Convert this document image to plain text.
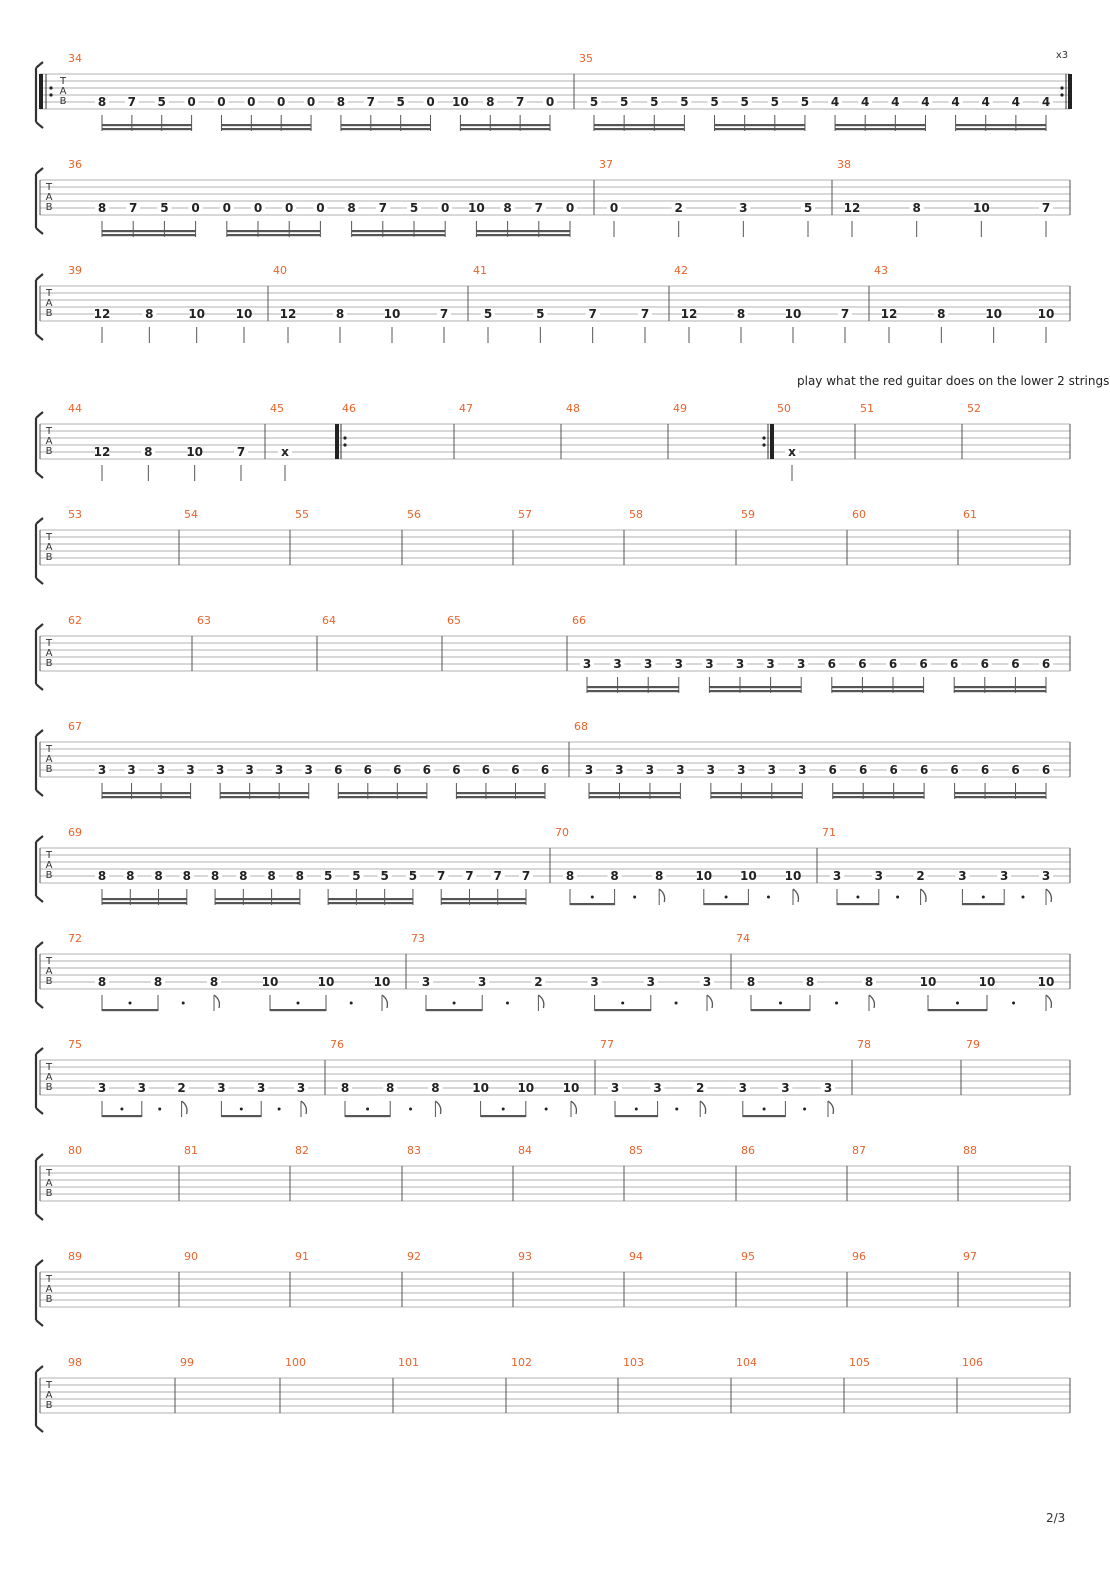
T
A
B
34
8 7 5 0 0 0 0 0 8 7 5 0 10 8 7 0
35	x3
5 5 5 5 5 5 5 5 4 4 4 4 4 4 4 4
T
A
B
36
8 7 5 0 0 0 0 0 8 7 5 0 10 8 7 0
37
0	2	3	5
38
12	8	10	7
T
A
B
39
12	8	10	10
40
12	8	10	7
41
5	5	7	7
42
12	8	10	7
43
12	8	10	10
T
A
B
44
12	8	10	7
45
x
46	47	48	49	50
x
51	52
T
A
B
53	54	55	56	57	58	59	60	61
T
A
B
62	63	64	65	66
3 3 3 3 3 3 3 3 6 6 6 6 6 6 6 6
T
A
B
67
3 3 3 3 3 3 3 3 6 6 6 6 6 6 6 6
68
3 3 3 3 3 3 3 3 6 6 6 6 6 6 6 6
T
A
B
69
8 8 8 8 8 8 8 8 5 5 5 5 7 7 7 7
70
8	8	8	10 10 10
71
3	3	2	3	3	3
T
A
B
72
8	8	8	10	10	10
73
3	3	2	3	3	3
74
8	8	8	10	10	10
T
A
B
75
3	3	2	3	3	3
76
8	8	8	10 10 10
77
3	3	2	3	3	3
78	79
T
A
B
80	81	82	83	84	85	86	87	88
T
A
B
89	90	91	92	93	94	95	96	97
T
A
B
98	99	100	101	102	103	104	105	106
play what the red guitar does on the lower 2 strings
2/3
